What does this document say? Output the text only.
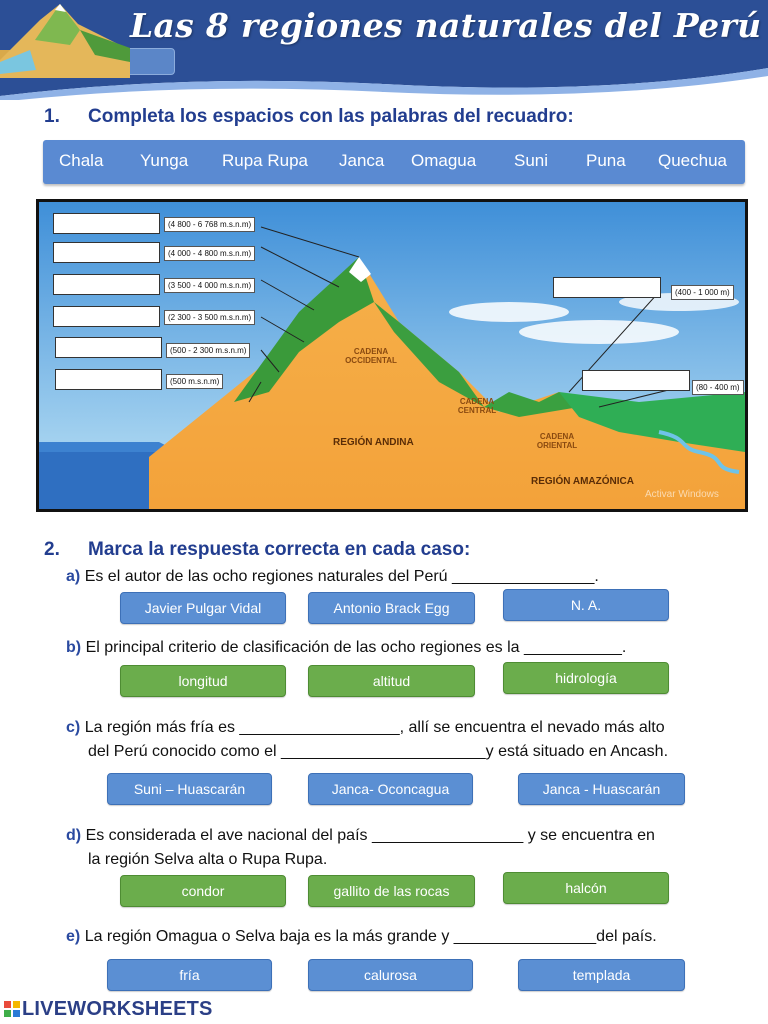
Las 8 regiones naturales del Perú
1. Completa los espacios con las palabras del recuadro:
Chala Yunga Rupa Rupa Janca Omagua Suni Puna Quechua
(4 800 - 6 768 m.s.n.m)
(4 000 - 4 800 m.s.n.m)
(3 500 - 4 000 m.s.n.m)
(2 300 - 3 500 m.s.n.m)
(500 - 2 300 m.s.n.m)
(500 m.s.n.m)
(400 - 1 000 m)
(80 - 400 m)
CADENA OCCIDENTAL
CADENA CENTRAL
CADENA ORIENTAL
REGIÓN ANDINA
REGIÓN AMAZÓNICA
Activar Windows
2. Marca la respuesta correcta en cada caso:
a) Es el autor de las ocho regiones naturales del Perú ________________.
Javier Pulgar Vidal	Antonio Brack Egg	N. A.
b) El principal criterio de clasificación de las ocho regiones es la ___________.
longitud	altitud	hidrología
c) La región más fría es __________________, allí se encuentra el nevado más alto
del Perú conocido como el _______________________y está situado en Ancash.
Suni – Huascarán	Janca- Oconcagua	Janca - Huascarán
d) Es considerada el ave nacional del país _________________ y se encuentra en
la región Selva alta o Rupa Rupa.
condor	gallito de las rocas	halcón
e) La región Omagua o Selva baja es la más grande y ________________del país.
fría	calurosa	templada
LIVEWORKSHEETS
